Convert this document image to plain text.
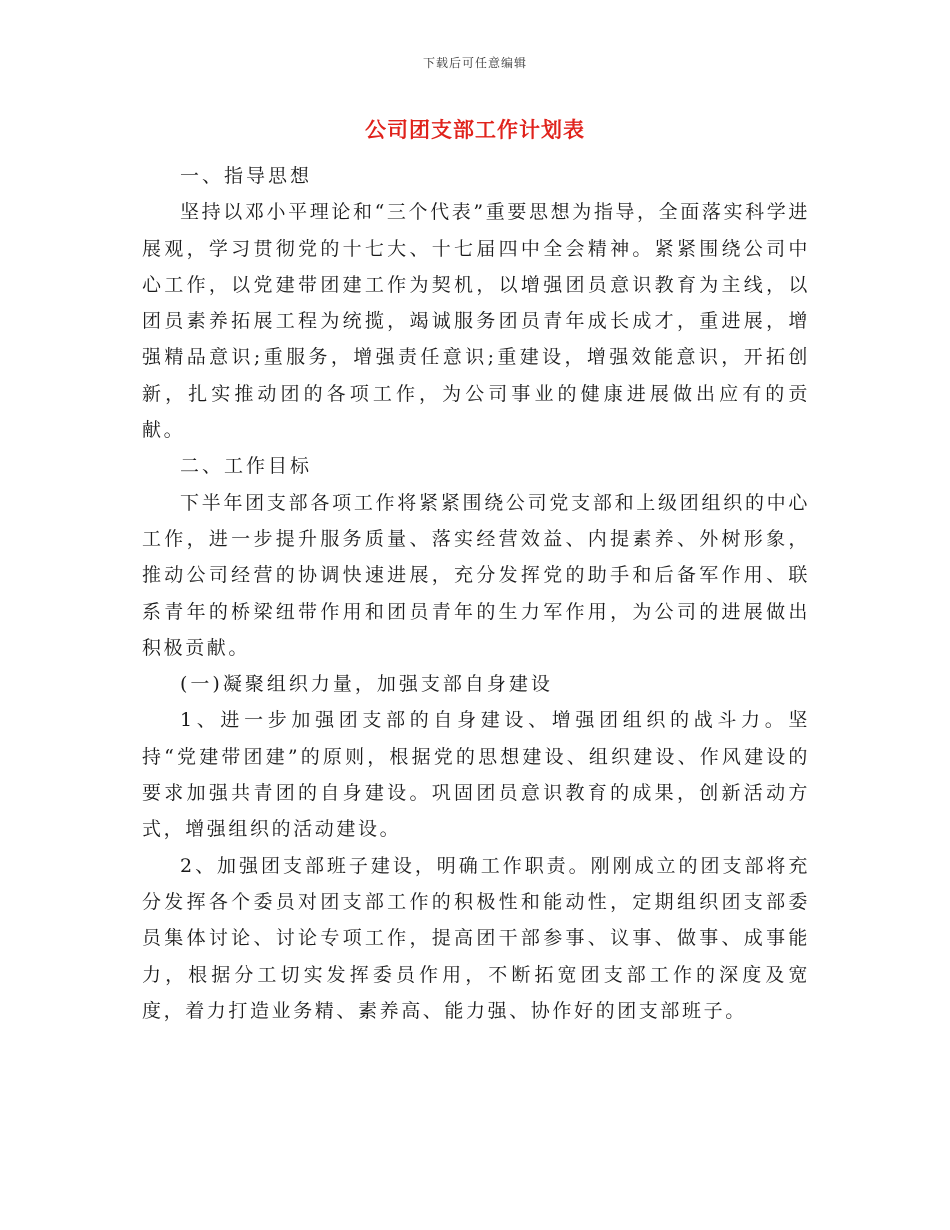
下载后可任意编辑
公司团支部工作计划表

一、指导思想

坚持以邓小平理论和“三个代表”重要思想为指导，全面落实科学进展观，学习贯彻党的十七大、十七届四中全会精神。紧紧围绕公司中心工作，以党建带团建工作为契机，以增强团员意识教育为主线，以团员素养拓展工程为统揽，竭诚服务团员青年成长成才，重进展，增强精品意识;重服务，增强责任意识;重建设，增强效能意识，开拓创新，扎实推动团的各项工作，为公司事业的健康进展做出应有的贡献。

二、工作目标

下半年团支部各项工作将紧紧围绕公司党支部和上级团组织的中心工作，进一步提升服务质量、落实经营效益、内提素养、外树形象，推动公司经营的协调快速进展，充分发挥党的助手和后备军作用、联系青年的桥梁纽带作用和团员青年的生力军作用，为公司的进展做出积极贡献。

(一)凝聚组织力量，加强支部自身建设

1、进一步加强团支部的自身建设、增强团组织的战斗力。坚持“党建带团建”的原则，根据党的思想建设、组织建设、作风建设的要求加强共青团的自身建设。巩固团员意识教育的成果，创新活动方式，增强组织的活动建设。

2、加强团支部班子建设，明确工作职责。刚刚成立的团支部将充分发挥各个委员对团支部工作的积极性和能动性，定期组织团支部委员集体讨论、讨论专项工作，提高团干部参事、议事、做事、成事能力，根据分工切实发挥委员作用，不断拓宽团支部工作的深度及宽度，着力打造业务精、素养高、能力强、协作好的团支部班子。
